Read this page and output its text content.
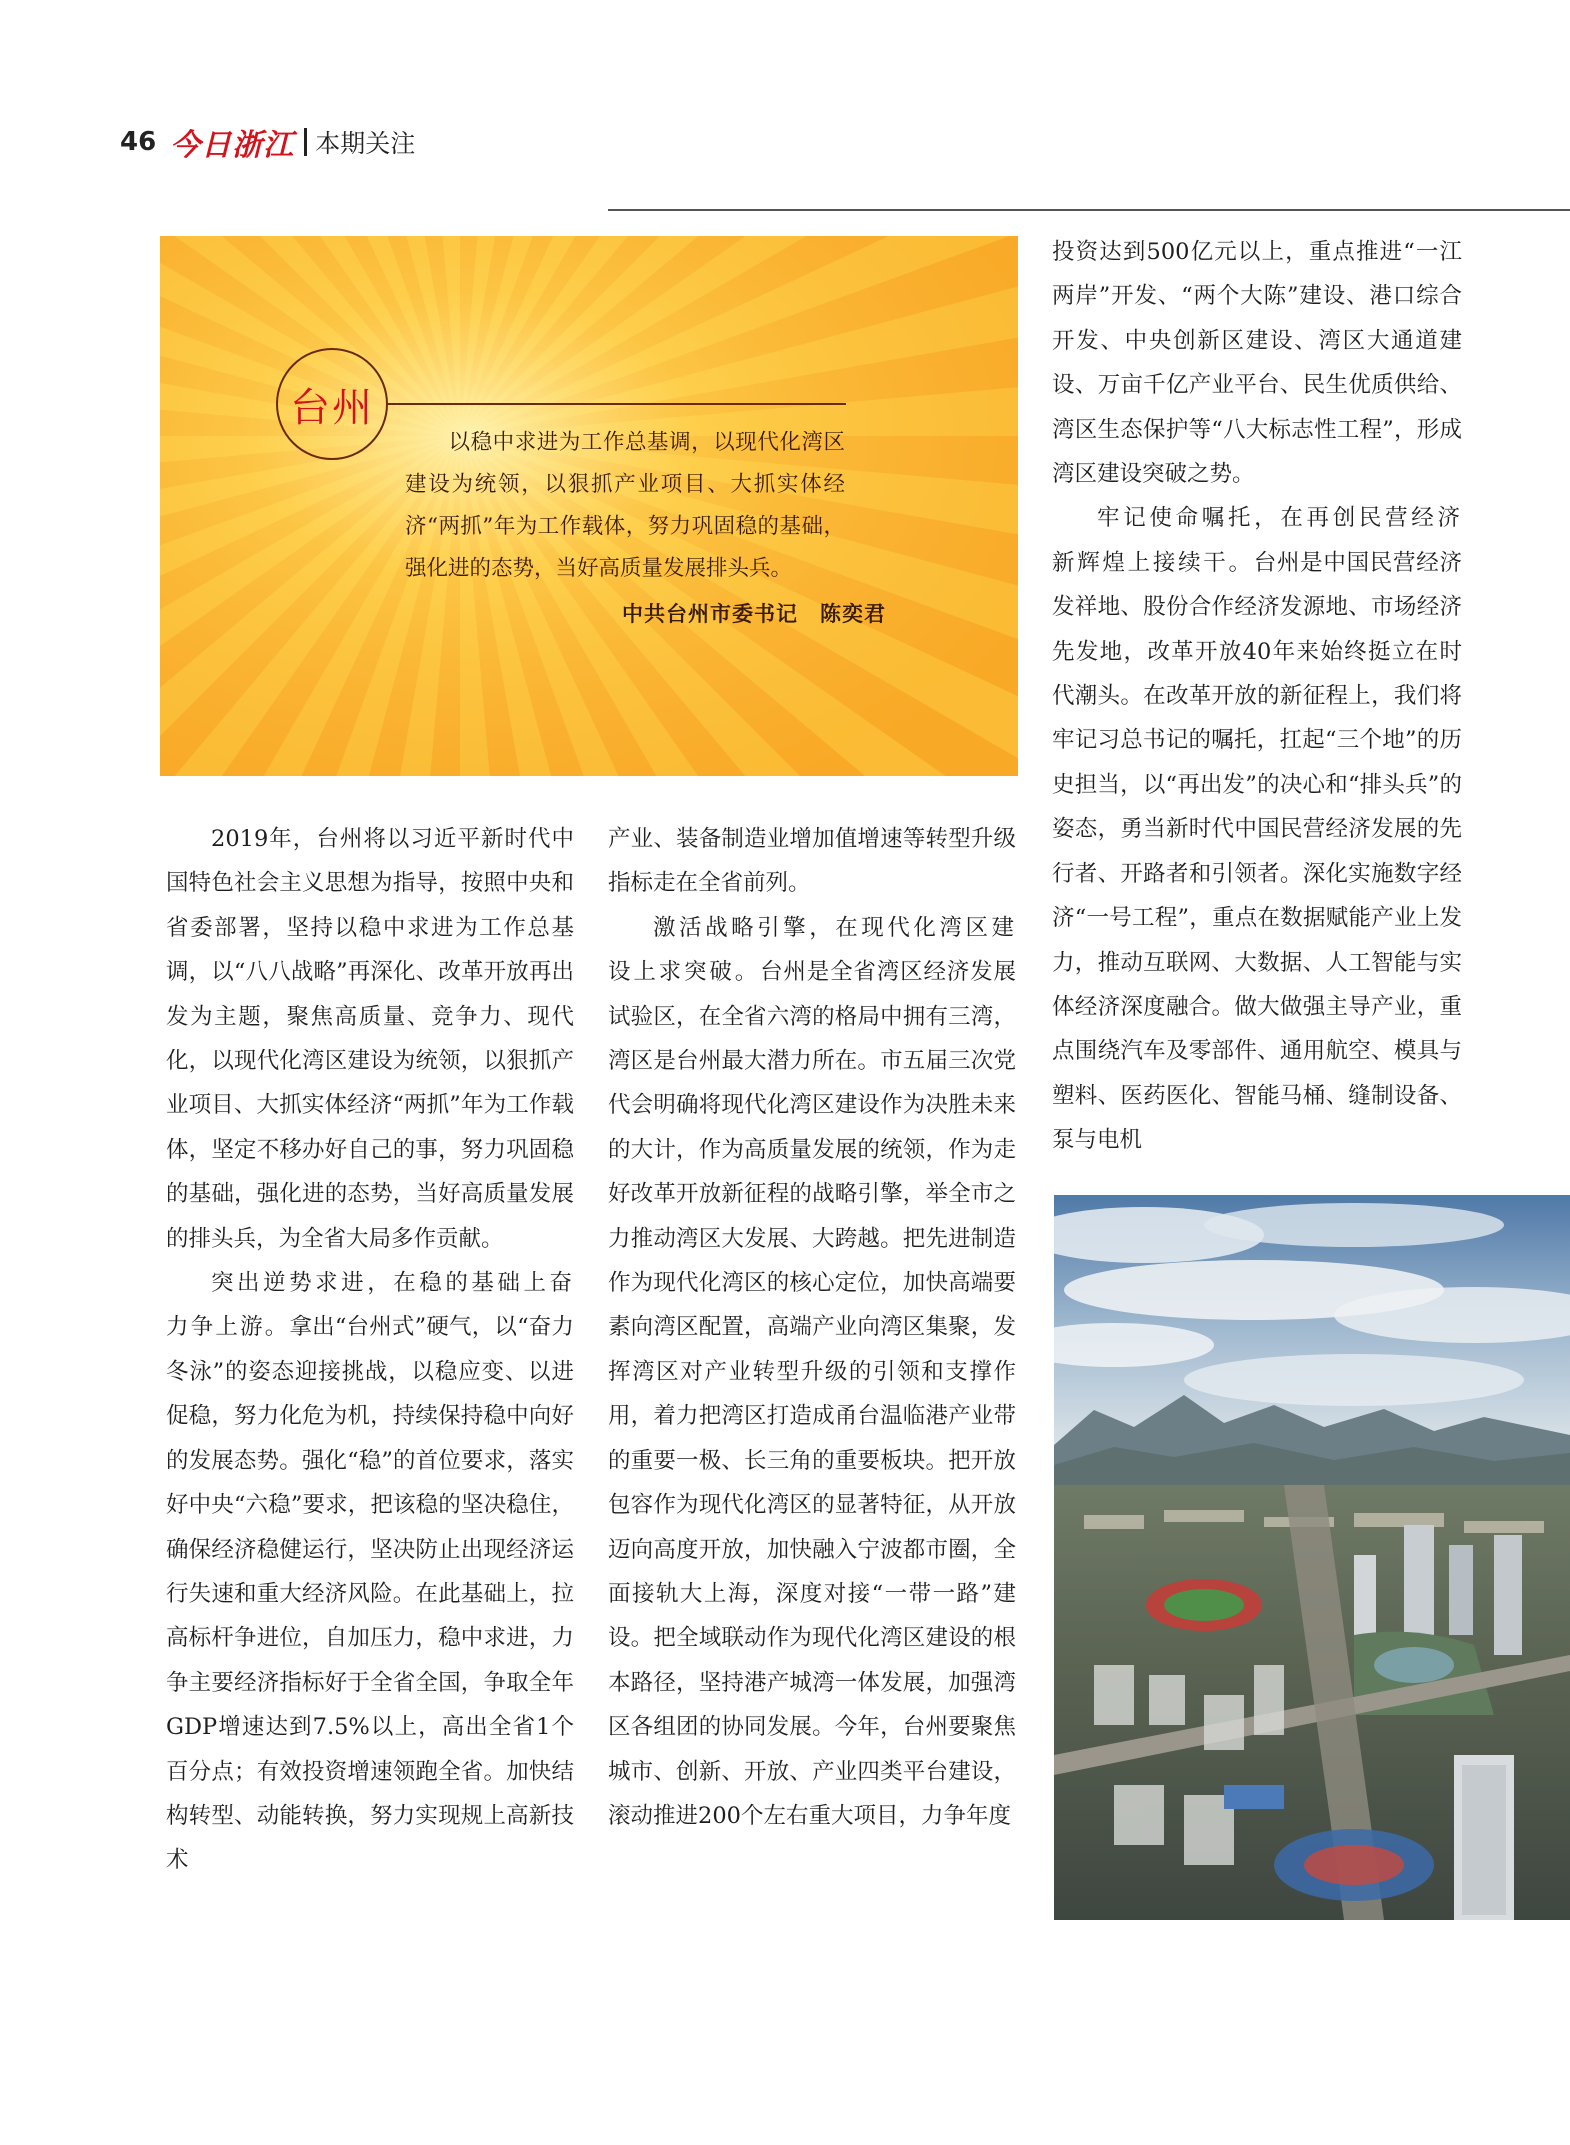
46 今日浙江 本期关注
台州
以稳中求进为工作总基调，以现代化湾区建设为统领，以狠抓产业项目、大抓实体经济“两抓”年为工作载体，努力巩固稳的基础，强化进的态势，当好高质量发展排头兵。
中共台州市委书记　陈奕君

2019年，台州将以习近平新时代中国特色社会主义思想为指导，按照中央和省委部署，坚持以稳中求进为工作总基调，以“八八战略”再深化、改革开放再出发为主题，聚焦高质量、竞争力、现代化，以现代化湾区建设为统领，以狠抓产业项目、大抓实体经济“两抓”年为工作载体，坚定不移办好自己的事，努力巩固稳的基础，强化进的态势，当好高质量发展的排头兵，为全省大局多作贡献。

突出逆势求进，在稳的基础上奋力争上游。拿出“台州式”硬气，以“奋力冬泳”的姿态迎接挑战，以稳应变、以进促稳，努力化危为机，持续保持稳中向好的发展态势。强化“稳”的首位要求，落实好中央“六稳”要求，把该稳的坚决稳住，确保经济稳健运行，坚决防止出现经济运行失速和重大经济风险。在此基础上，拉高标杆争进位，自加压力，稳中求进，力争主要经济指标好于全省全国，争取全年GDP增速达到7.5%以上，高出全省1个百分点；有效投资增速领跑全省。加快结构转型、动能转换，努力实现规上高新技术

产业、装备制造业增加值增速等转型升级指标走在全省前列。

激活战略引擎，在现代化湾区建设上求突破。台州是全省湾区经济发展试验区，在全省六湾的格局中拥有三湾，湾区是台州最大潜力所在。市五届三次党代会明确将现代化湾区建设作为决胜未来的大计，作为高质量发展的统领，作为走好改革开放新征程的战略引擎，举全市之力推动湾区大发展、大跨越。把先进制造作为现代化湾区的核心定位，加快高端要素向湾区配置，高端产业向湾区集聚，发挥湾区对产业转型升级的引领和支撑作用，着力把湾区打造成甬台温临港产业带的重要一极、长三角的重要板块。把开放包容作为现代化湾区的显著特征，从开放迈向高度开放，加快融入宁波都市圈，全面接轨大上海，深度对接“一带一路”建设。把全域联动作为现代化湾区建设的根本路径，坚持港产城湾一体发展，加强湾区各组团的协同发展。今年，台州要聚焦城市、创新、开放、产业四类平台建设，滚动推进200个左右重大项目，力争年度

投资达到500亿元以上，重点推进“一江两岸”开发、“两个大陈”建设、港口综合开发、中央创新区建设、湾区大通道建设、万亩千亿产业平台、民生优质供给、湾区生态保护等“八大标志性工程”，形成湾区建设突破之势。

牢记使命嘱托，在再创民营经济新辉煌上接续干。台州是中国民营经济发祥地、股份合作经济发源地、市场经济先发地，改革开放40年来始终挺立在时代潮头。在改革开放的新征程上，我们将牢记习总书记的嘱托，扛起“三个地”的历史担当，以“再出发”的决心和“排头兵”的姿态，勇当新时代中国民营经济发展的先行者、开路者和引领者。深化实施数字经济“一号工程”，重点在数据赋能产业上发力，推动互联网、大数据、人工智能与实体经济深度融合。做大做强主导产业，重点围绕汽车及零部件、通用航空、模具与塑料、医药医化、智能马桶、缝制设备、泵与电机
